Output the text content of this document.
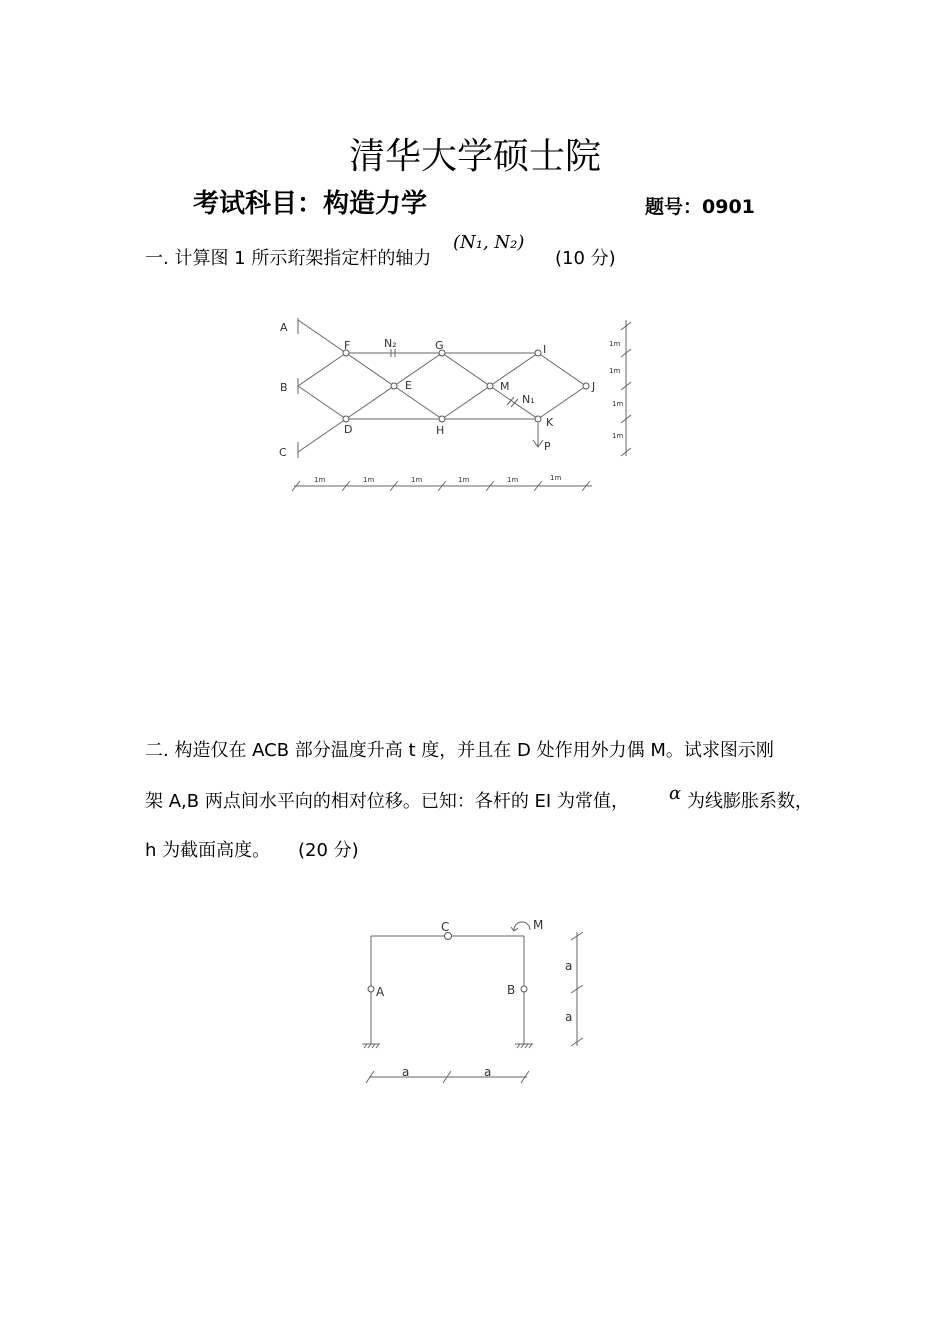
清华大学硕士院
考试科目：构造力学	题号：0901
一. 计算图 1 所示珩架指定杆的轴力
(N₁, N₂)
(10 分)
二. 构造仅在 ACB 部分温度升高 t 度，并且在 D 处作用外力偶 M。试求图示刚
架 A,B 两点间水平向的相对位移。已知：各杆的 EI 为常值， α 为线膨胀系数，
h 为截面高度。 (20 分)
A
B
C
D
E
F	G
H
I
J
K
M
N₁
N₂
P
1m	1m	1m	1m	1m	1m
1m
1m
1m
1m
C
A	B
M
a	a
a
a
